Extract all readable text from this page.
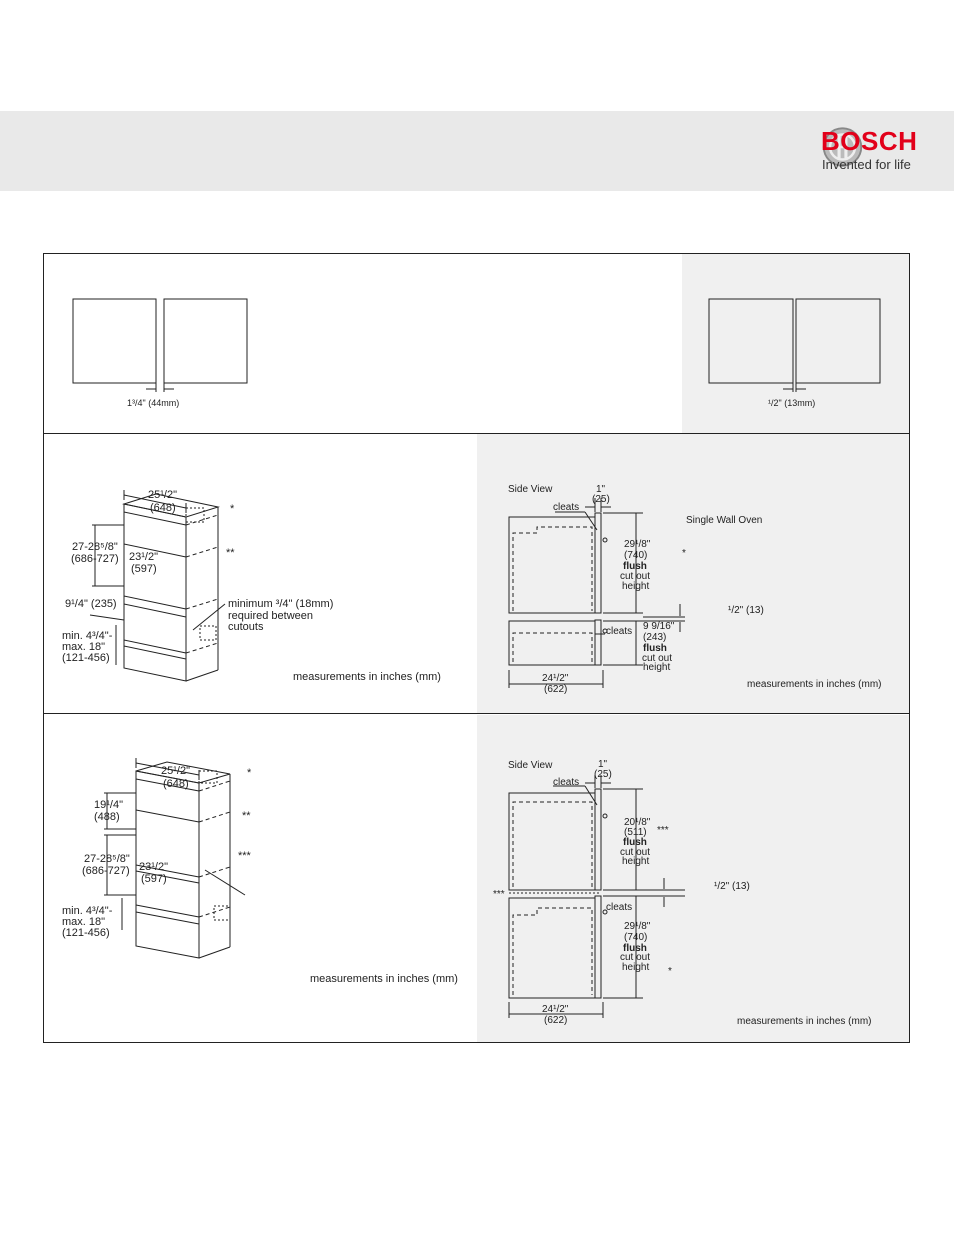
BOSCH
Invented for life
1³/4" (44mm)	¹/2" (13mm)
25¹/2"
(648)	*
**
27-28⁵/8"
(686-727) 23¹/2"
(597)
9¹/4" (235)
min. 4³/4"-
max. 18"
(121-456)
minimum ³/4" (18mm)
required between
cutouts
measurements in inches (mm)
Side View	1"
(25)
cleats
Single Wall Oven
29¹/8"
(740)
flush
cut out
height
*
¹/2" (13)
cleats 9 9/16"
(243)
flush
cut out
height
24¹/2"
(622)	measurements in inches (mm)
25¹/2"
(648)
*
**
***
19¹/4"
(488)
27-28⁵/8"
(686-727) 23¹/2"
(597)
min. 4³/4"-
max. 18"
(121-456)
measurements in inches (mm)
Side View	1"
(25)
cleats
20¹/8"
(511) ***
flush
cut out
height
¹/2" (13)
***
cleats
29¹/8"
(740)
flush
cut out
height *
24¹/2"
(622)	measurements in inches (mm)
